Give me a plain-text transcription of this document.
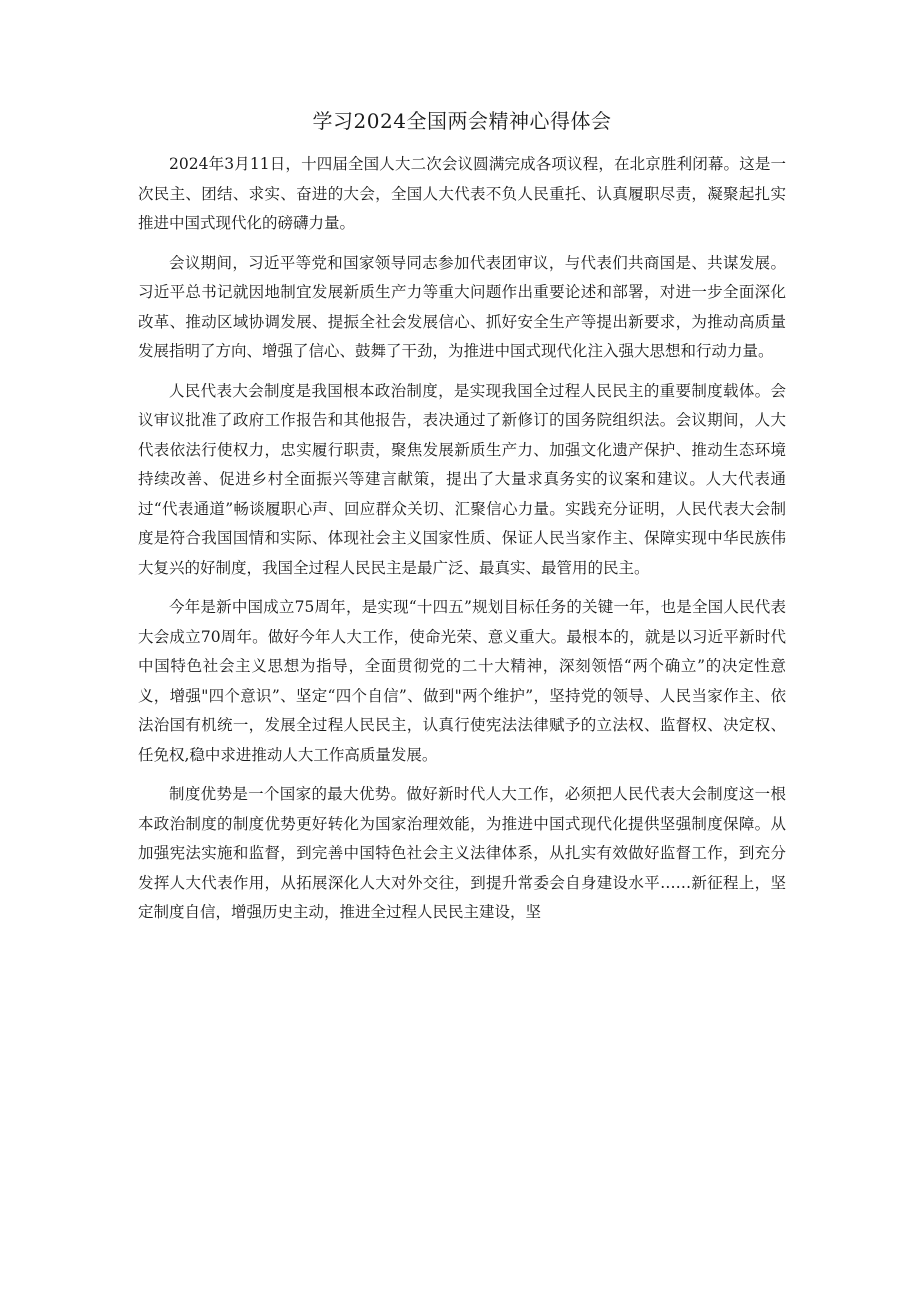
学习2024全国两会精神心得体会

2024年3月11日，十四届全国人大二次会议圆满完成各项议程，在北京胜利闭幕。这是一次民主、团结、求实、奋进的大会，全国人大代表不负人民重托、认真履职尽责，凝聚起扎实推进中国式现代化的磅礴力量。

会议期间，习近平等党和国家领导同志参加代表团审议，与代表们共商国是、共谋发展。习近平总书记就因地制宜发展新质生产力等重大问题作出重要论述和部署，对进一步全面深化改革、推动区域协调发展、提振全社会发展信心、抓好安全生产等提出新要求，为推动高质量发展指明了方向、增强了信心、鼓舞了干劲，为推进中国式现代化注入强大思想和行动力量。

人民代表大会制度是我国根本政治制度，是实现我国全过程人民民主的重要制度载体。会议审议批准了政府工作报告和其他报告，表决通过了新修订的国务院组织法。会议期间，人大代表依法行使权力，忠实履行职责，聚焦发展新质生产力、加强文化遗产保护、推动生态环境持续改善、促进乡村全面振兴等建言献策，提出了大量求真务实的议案和建议。人大代表通过“代表通道”畅谈履职心声、回应群众关切、汇聚信心力量。实践充分证明，人民代表大会制度是符合我国国情和实际、体现社会主义国家性质、保证人民当家作主、保障实现中华民族伟大复兴的好制度，我国全过程人民民主是最广泛、最真实、最管用的民主。

今年是新中国成立75周年，是实现“十四五”规划目标任务的关键一年，也是全国人民代表大会成立70周年。做好今年人大工作，使命光荣、意义重大。最根本的，就是以习近平新时代中国特色社会主义思想为指导，全面贯彻党的二十大精神，深刻领悟“两个确立”的决定性意义，增强"四个意识”、坚定“四个自信”、做到"两个维护”，坚持党的领导、人民当家作主、依法治国有机统一，发展全过程人民民主，认真行使宪法法律赋予的立法权、监督权、决定权、任免权,稳中求进推动人大工作高质量发展。

制度优势是一个国家的最大优势。做好新时代人大工作，必须把人民代表大会制度这一根本政治制度的制度优势更好转化为国家治理效能，为推进中国式现代化提供坚强制度保障。从加强宪法实施和监督，到完善中国特色社会主义法律体系，从扎实有效做好监督工作，到充分发挥人大代表作用，从拓展深化人大对外交往，到提升常委会自身建设水平……新征程上，坚定制度自信，增强历史主动，推进全过程人民民主建设，坚
